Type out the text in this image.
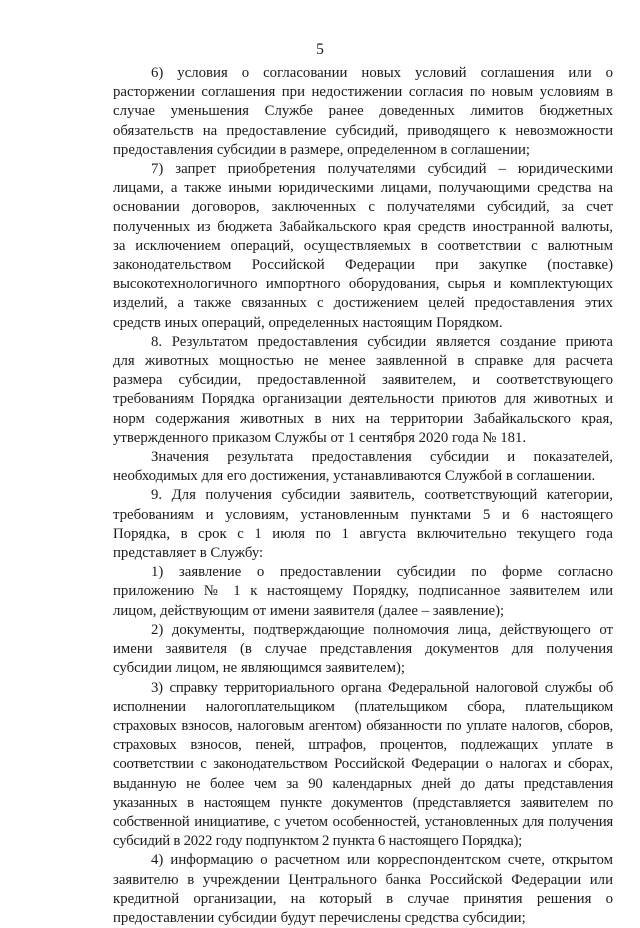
5

6) условия о согласовании новых условий соглашения или о
расторжении соглашения при недостижении согласия по новым условиям в
случае уменьшения Службе ранее доведенных лимитов бюджетных
обязательств на предоставление субсидий, приводящего к невозможности
предоставления субсидии в размере, определенном в соглашении;

7) запрет приобретения получателями субсидий – юридическими
лицами, а также иными юридическими лицами, получающими средства на
основании договоров, заключенных с получателями субсидий, за счет
полученных из бюджета Забайкальского края средств иностранной валюты,
за исключением операций, осуществляемых в соответствии с валютным
законодательством Российской Федерации при закупке (поставке)
высокотехнологичного импортного оборудования, сырья и комплектующих
изделий, а также связанных с достижением целей предоставления этих
средств иных операций, определенных настоящим Порядком.

8. Результатом предоставления субсидии является создание приюта
для животных мощностью не менее заявленной в справке для расчета
размера субсидии, предоставленной заявителем, и соответствующего
требованиям Порядка организации деятельности приютов для животных и
норм содержания животных в них на территории Забайкальского края,
утвержденного приказом Службы от 1 сентября 2020 года № 181.

Значения результата предоставления субсидии и показателей,
необходимых для его достижения, устанавливаются Службой в соглашении.

9. Для получения субсидии заявитель, соответствующий категории,
требованиям и условиям, установленным пунктами 5 и 6 настоящего
Порядка, в срок с 1 июля по 1 августа включительно текущего года
представляет в Службу:

1) заявление о предоставлении субсидии по форме согласно
приложению № 1 к настоящему Порядку, подписанное заявителем или
лицом, действующим от имени заявителя (далее – заявление);

2) документы, подтверждающие полномочия лица, действующего от
имени заявителя (в случае представления документов для получения
субсидии лицом, не являющимся заявителем);

3) справку территориального органа Федеральной налоговой службы об
исполнении налогоплательщиком (плательщиком сбора, плательщиком
страховых взносов, налоговым агентом) обязанности по уплате налогов, сборов,
страховых взносов, пеней, штрафов, процентов, подлежащих уплате в
соответствии с законодательством Российской Федерации о налогах и сборах,
выданную не более чем за 90 календарных дней до даты представления
указанных в настоящем пункте документов (представляется заявителем по
собственной инициативе, с учетом особенностей, установленных для получения
субсидий в 2022 году подпунктом 2 пункта 6 настоящего Порядка);

4) информацию о расчетном или корреспондентском счете, открытом
заявителю в учреждении Центрального банка Российской Федерации или
кредитной организации, на который в случае принятия решения о
предоставлении субсидии будут перечислены средства субсидии;
